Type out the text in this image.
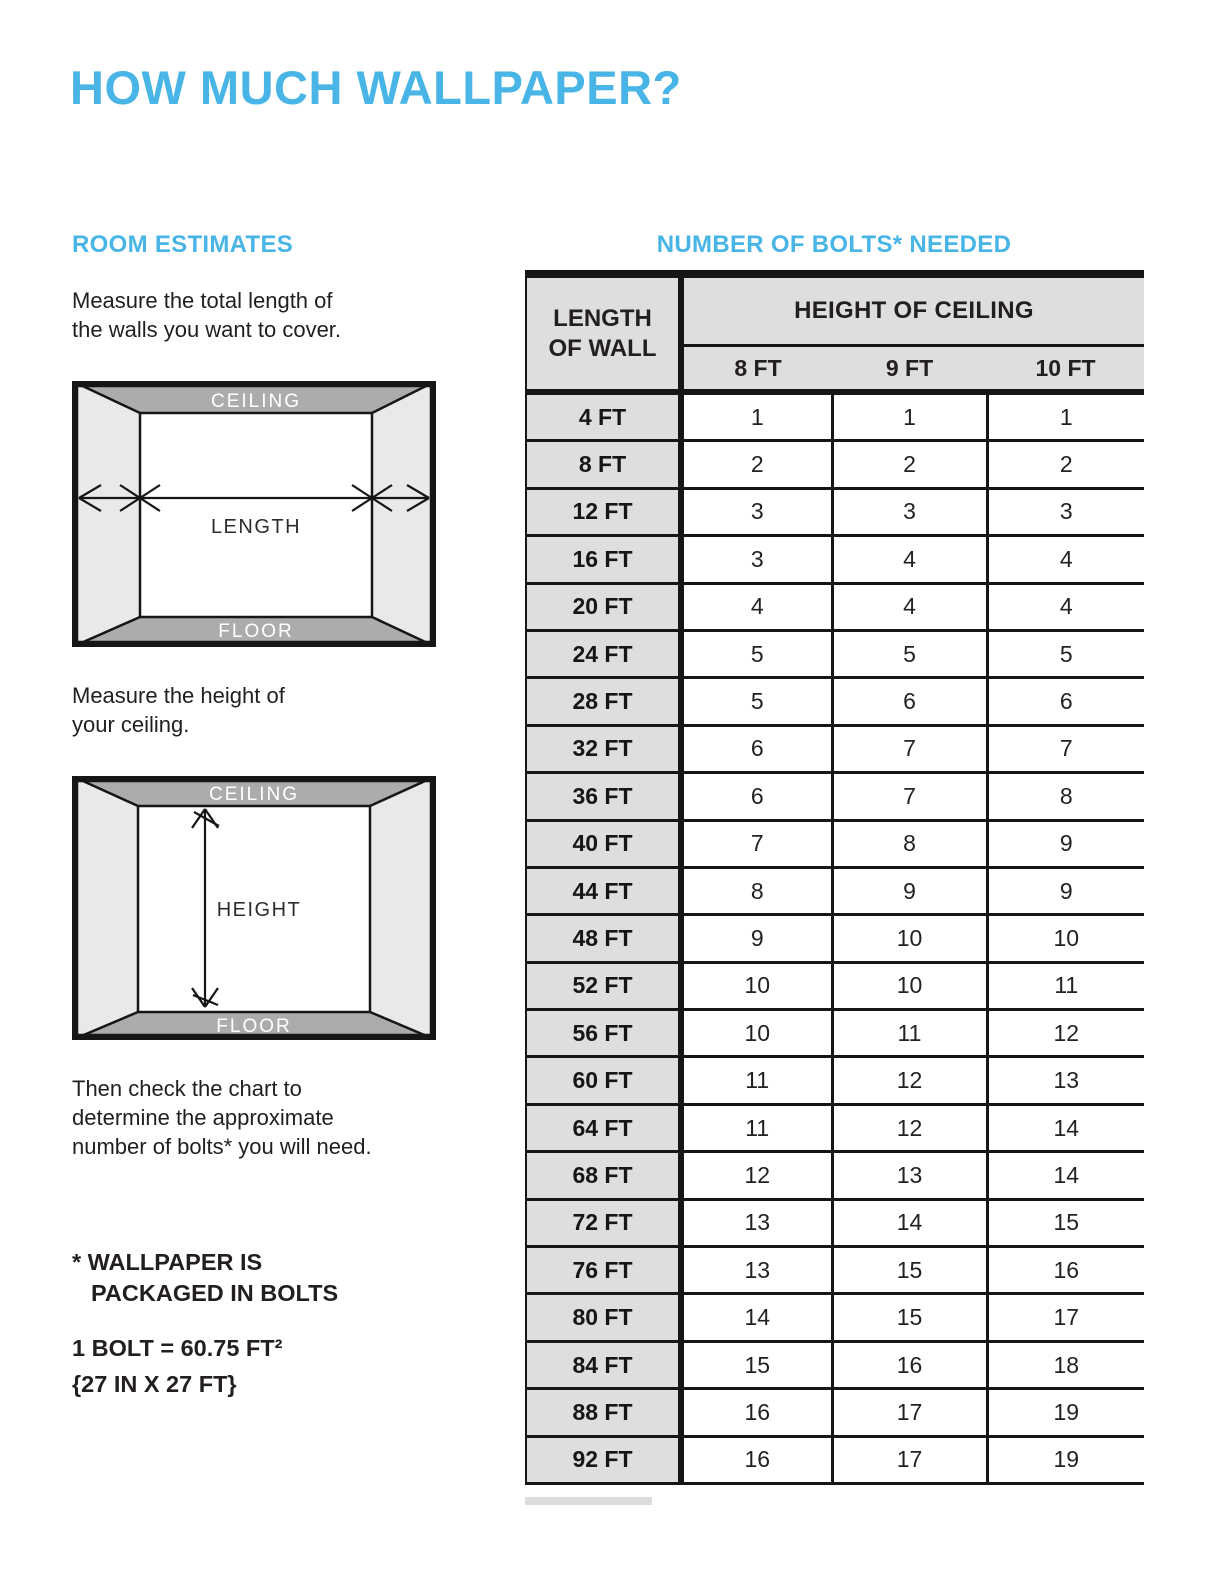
HOW MUCH WALLPAPER?
ROOM ESTIMATES

Measure the total length of
the walls you want to cover.

CEILING
FLOOR
LENGTH

Measure the height of
your ceiling.

CEILING
FLOOR
HEIGHT

Then check the chart to
determine the approximate
number of bolts* you will need.

* WALLPAPER IS
PACKAGED IN BOLTS
1 BOLT = 60.75 FT²
{27 IN X 27 FT}
NUMBER OF BOLTS* NEEDED
LENGTH
OF WALL	HEIGHT OF CEILING		
	8 FT	9 FT	10 FT
4 FT	1	1	1
8 FT	2	2	2
12 FT	3	3	3
16 FT	3	4	4
20 FT	4	4	4
24 FT	5	5	5
28 FT	5	6	6
32 FT	6	7	7
36 FT	6	7	8
40 FT	7	8	9
44 FT	8	9	9
48 FT	9	10	10
52 FT	10	10	11
56 FT	10	11	12
60 FT	11	12	13
64 FT	11	12	14
68 FT	12	13	14
72 FT	13	14	15
76 FT	13	15	16
80 FT	14	15	17
84 FT	15	16	18
88 FT	16	17	19
92 FT	16	17	19
